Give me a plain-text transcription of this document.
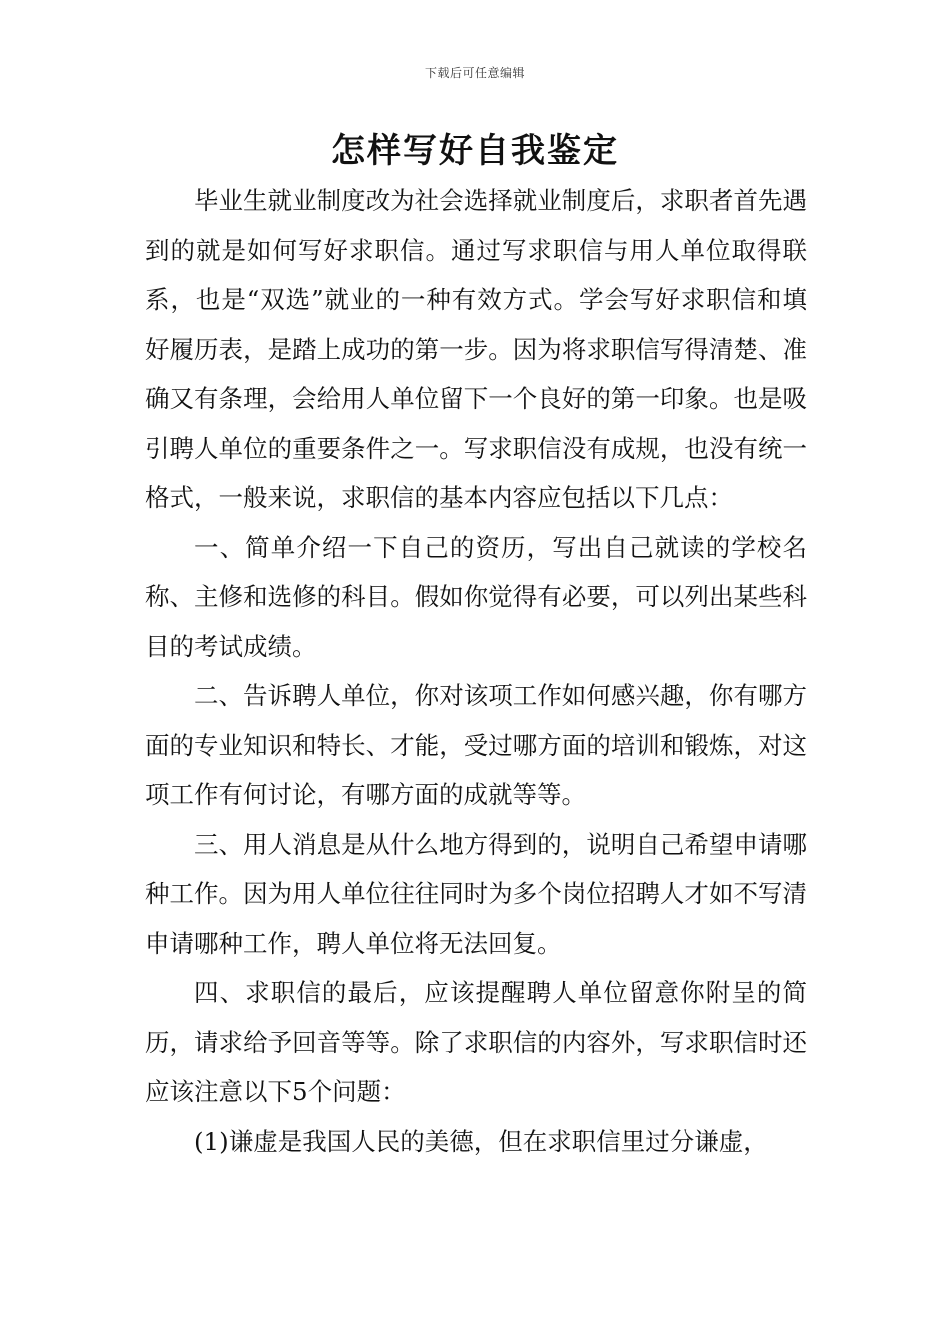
下载后可任意编辑
怎样写好自我鉴定

毕业生就业制度改为社会选择就业制度后，求职者首先遇到的就是如何写好求职信。通过写求职信与用人单位取得联系，也是“双选”就业的一种有效方式。学会写好求职信和填好履历表，是踏上成功的第一步。因为将求职信写得清楚、准确又有条理，会给用人单位留下一个良好的第一印象。也是吸引聘人单位的重要条件之一。写求职信没有成规，也没有统一格式，一般来说，求职信的基本内容应包括以下几点：

一、简单介绍一下自己的资历，写出自己就读的学校名称、主修和选修的科目。假如你觉得有必要，可以列出某些科目的考试成绩。

二、告诉聘人单位，你对该项工作如何感兴趣，你有哪方面的专业知识和特长、才能，受过哪方面的培训和锻炼，对这项工作有何讨论，有哪方面的成就等等。

三、用人消息是从什么地方得到的，说明自己希望申请哪种工作。因为用人单位往往同时为多个岗位招聘人才如不写清申请哪种工作，聘人单位将无法回复。

四、求职信的最后，应该提醒聘人单位留意你附呈的简历，请求给予回音等等。除了求职信的内容外，写求职信时还应该注意以下5个问题：

(1)谦虚是我国人民的美德，但在求职信里过分谦虚，
